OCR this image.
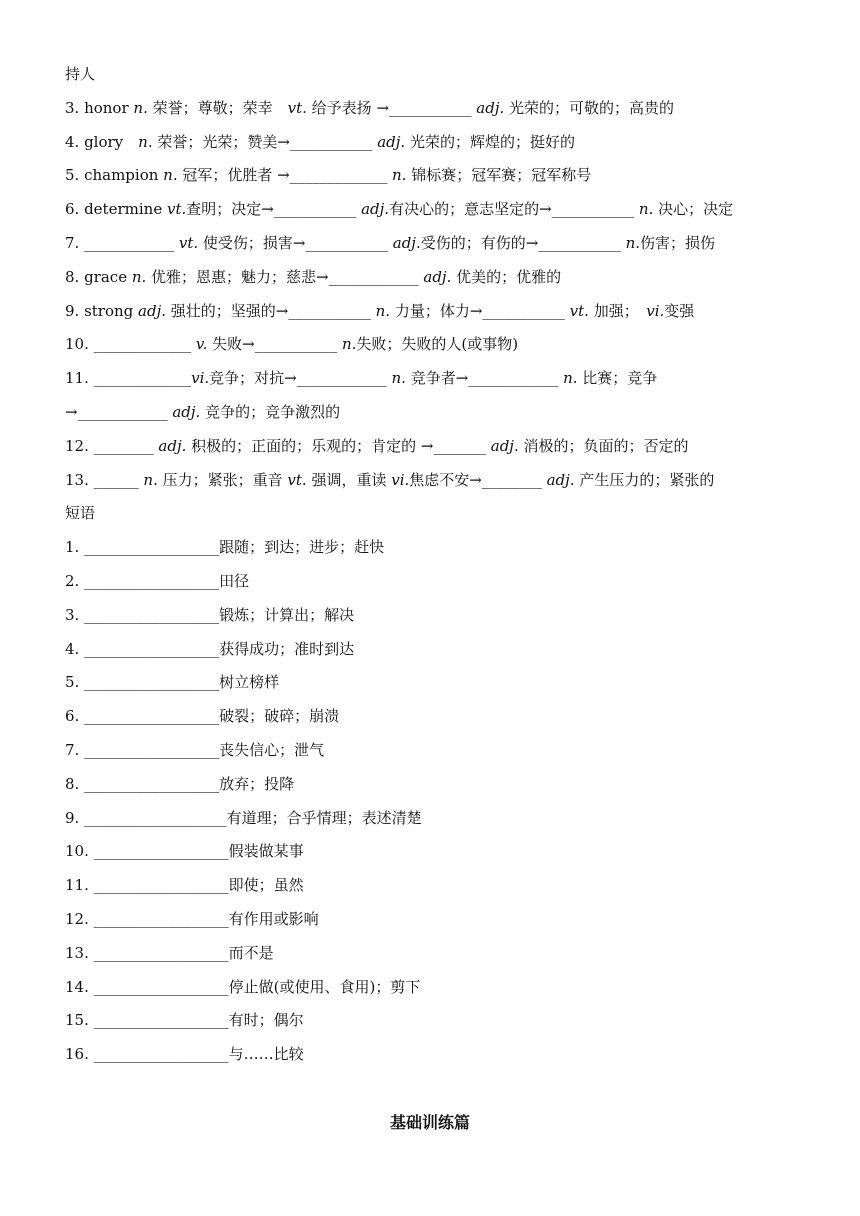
持人
3. honor n. 荣誉；尊敬；荣幸　vt. 给予表扬 →___________ adj. 光荣的；可敬的；高贵的
4. glory　n. 荣誉；光荣；赞美→___________ adj. 光荣的；辉煌的；挺好的
5. champion n. 冠军；优胜者 →_____________ n. 锦标赛；冠军赛；冠军称号
6. determine vt.查明；决定→___________ adj.有决心的；意志坚定的→___________ n. 决心；决定
7. ____________ vt. 使受伤；损害→___________ adj.受伤的；有伤的→___________ n.伤害；损伤
8. grace n. 优雅；恩惠；魅力；慈悲→____________ adj. 优美的；优雅的
9. strong adj. 强壮的；坚强的→___________ n. 力量；体力→___________ vt. 加强；　vi.变强
10. _____________ v. 失败→___________ n.失败；失败的人(或事物)
11. _____________vi.竞争；对抗→____________ n. 竞争者→____________ n. 比赛；竞争
→____________ adj. 竞争的；竞争激烈的
12. ________ adj. 积极的；正面的；乐观的；肯定的 →_______ adj. 消极的；负面的；否定的
13. ______ n. 压力；紧张；重音 vt. 强调，重读 vi.焦虑不安→________ adj. 产生压力的；紧张的
短语
1. __________________跟随；到达；进步；赶快
2. __________________田径
3. __________________锻炼；计算出；解决
4. __________________获得成功；准时到达
5. __________________树立榜样
6. __________________破裂；破碎；崩溃
7. __________________丧失信心；泄气
8. __________________放弃；投降
9. ___________________有道理；合乎情理；表述清楚
10. __________________假装做某事
11. __________________即使；虽然
12. __________________有作用或影响
13. __________________而不是
14. __________________停止做(或使用、食用)；剪下
15. __________________有时；偶尔
16. __________________与……比较
基础训练篇
